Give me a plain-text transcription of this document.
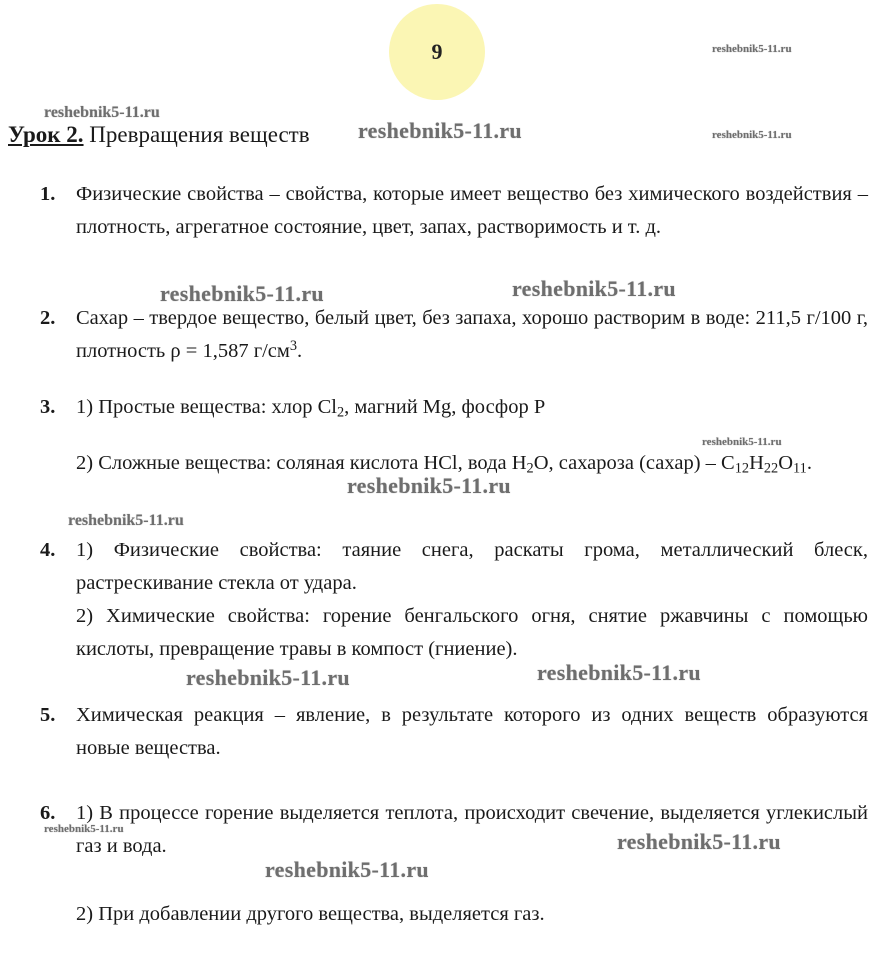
9
Урок 2. Превращения веществ
1. Физические свойства – свойства, которые имеет вещество без химического воздействия – плотность, агрегатное состояние, цвет, запах, растворимость и т. д.
2. Сахар – твердое вещество, белый цвет, без запаха, хорошо растворим в воде: 211,5 г/100 г, плотность ρ = 1,587 $г/см^3$.
3. 1) Простые вещества: хлор $Cl_2$, магний Mg, фосфор P
2) Сложные вещества: соляная кислота HCl, вода $H_2O$, сахароза (сахар) – $C_{12}H_{22}O_{11}$.
4. 1) Физические свойства: таяние снега, раскаты грома, металлический блеск, растрескивание стекла от удара.
2) Химические свойства: горение бенгальского огня, снятие ржавчины с помощью кислоты, превращение травы в компост (гниение).
5. Химическая реакция – явление, в результате которого из одних веществ образуются новые вещества.
6. 1) В процессе горение выделяется теплота, происходит свечение, выделяется углекислый газ и вода.
2) При добавлении другого вещества, выделяется газ.
reshebnik5-11.ru
reshebnik5-11.ru
reshebnik5-11.ru	reshebnik5-11.ru
reshebnik5-11.ru	reshebnik5-11.ru
reshebnik5-11.ru
reshebnik5-11.ru
reshebnik5-11.ru
reshebnik5-11.ru	reshebnik5-11.ru
reshebnik5-11.ru	reshebnik5-11.ru
reshebnik5-11.ru
